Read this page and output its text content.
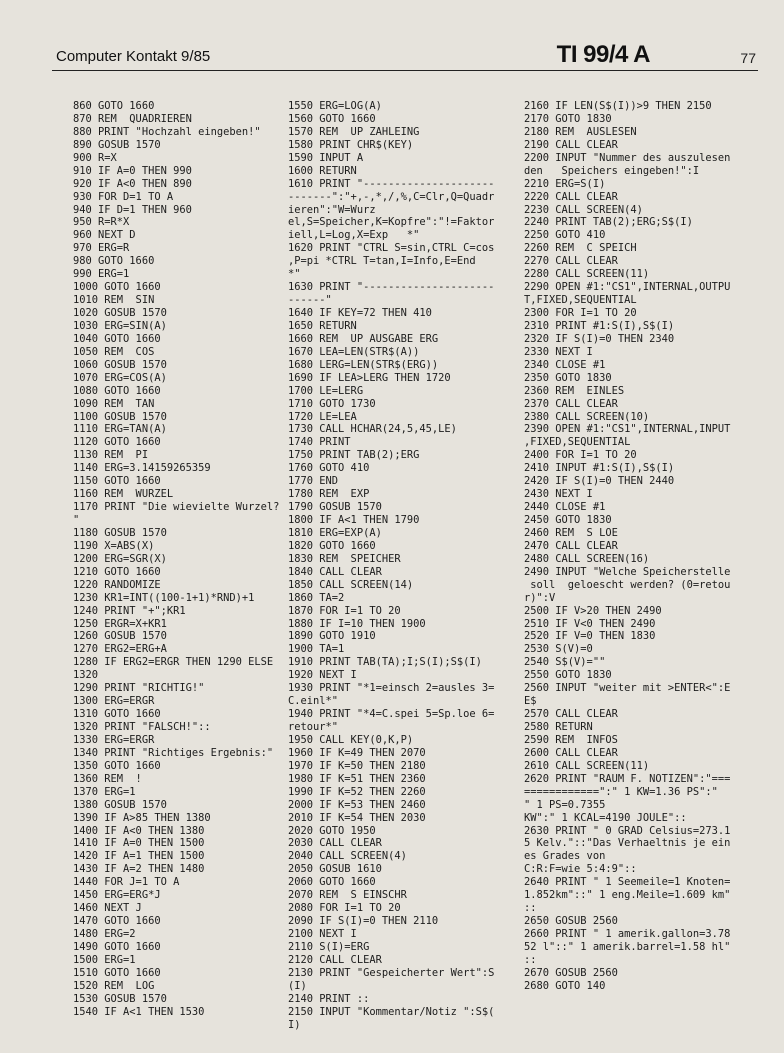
Computer Kontakt 9/85	TI 99/4 A	77
860 GOTO 1660
870 REM  QUADRIEREN
880 PRINT "Hochzahl eingeben!"
890 GOSUB 1570
900 R=X
910 IF A=0 THEN 990
920 IF A<0 THEN 890
930 FOR D=1 TO A
940 IF D=1 THEN 960
950 R=R*X
960 NEXT D
970 ERG=R
980 GOTO 1660
990 ERG=1
1000 GOTO 1660
1010 REM  SIN
1020 GOSUB 1570
1030 ERG=SIN(A)
1040 GOTO 1660
1050 REM  COS
1060 GOSUB 1570
1070 ERG=COS(A)
1080 GOTO 1660
1090 REM  TAN
1100 GOSUB 1570
1110 ERG=TAN(A)
1120 GOTO 1660
1130 REM  PI
1140 ERG=3.14159265359
1150 GOTO 1660
1160 REM  WURZEL
1170 PRINT "Die wievielte Wurzel?
"
1180 GOSUB 1570
1190 X=ABS(X)
1200 ERG=SGR(X)
1210 GOTO 1660
1220 RANDOMIZE
1230 KR1=INT((100-1+1)*RND)+1
1240 PRINT "+";KR1
1250 ERGR=X+KR1
1260 GOSUB 1570
1270 ERG2=ERG+A
1280 IF ERG2=ERGR THEN 1290 ELSE
1320
1290 PRINT "RICHTIG!"
1300 ERG=ERGR
1310 GOTO 1660
1320 PRINT "FALSCH!"::
1330 ERG=ERGR
1340 PRINT "Richtiges Ergebnis:"
1350 GOTO 1660
1360 REM  !
1370 ERG=1
1380 GOSUB 1570
1390 IF A>85 THEN 1380
1400 IF A<0 THEN 1380
1410 IF A=0 THEN 1500
1420 IF A=1 THEN 1500
1430 IF A=2 THEN 1480
1440 FOR J=1 TO A
1450 ERG=ERG*J
1460 NEXT J
1470 GOTO 1660
1480 ERG=2
1490 GOTO 1660
1500 ERG=1
1510 GOTO 1660
1520 REM  LOG
1530 GOSUB 1570
1540 IF A<1 THEN 1530
1550 ERG=LOG(A)
1560 GOTO 1660
1570 REM  UP ZAHLEING
1580 PRINT CHR$(KEY)
1590 INPUT A
1600 RETURN
1610 PRINT "---------------------
-------":"+,-,*,/,%,C=Clr,Q=Quadr
ieren":"W=Wurz
el,S=Speicher,K=Kopfre":"!=Faktor
iell,L=Log,X=Exp   *"
1620 PRINT "CTRL S=sin,CTRL C=cos
,P=pi *CTRL T=tan,I=Info,E=End
*"
1630 PRINT "---------------------
------"
1640 IF KEY=72 THEN 410
1650 RETURN
1660 REM  UP AUSGABE ERG
1670 LEA=LEN(STR$(A))
1680 LERG=LEN(STR$(ERG))
1690 IF LEA>LERG THEN 1720
1700 LE=LERG
1710 GOTO 1730
1720 LE=LEA
1730 CALL HCHAR(24,5,45,LE)
1740 PRINT
1750 PRINT TAB(2);ERG
1760 GOTO 410
1770 END
1780 REM  EXP
1790 GOSUB 1570
1800 IF A<1 THEN 1790
1810 ERG=EXP(A)
1820 GOTO 1660
1830 REM  SPEICHER
1840 CALL CLEAR
1850 CALL SCREEN(14)
1860 TA=2
1870 FOR I=1 TO 20
1880 IF I=10 THEN 1900
1890 GOTO 1910
1900 TA=1
1910 PRINT TAB(TA);I;S(I);S$(I)
1920 NEXT I
1930 PRINT "*1=einsch 2=ausles 3=
C.einl*"
1940 PRINT "*4=C.spei 5=Sp.loe 6=
retour*"
1950 CALL KEY(0,K,P)
1960 IF K=49 THEN 2070
1970 IF K=50 THEN 2180
1980 IF K=51 THEN 2360
1990 IF K=52 THEN 2260
2000 IF K=53 THEN 2460
2010 IF K=54 THEN 2030
2020 GOTO 1950
2030 CALL CLEAR
2040 CALL SCREEN(4)
2050 GOSUB 1610
2060 GOTO 1660
2070 REM  S EINSCHR
2080 FOR I=1 TO 20
2090 IF S(I)=0 THEN 2110
2100 NEXT I
2110 S(I)=ERG
2120 CALL CLEAR
2130 PRINT "Gespeicherter Wert":S
(I)
2140 PRINT ::
2150 INPUT "Kommentar/Notiz ":S$(
I)
2160 IF LEN(S$(I))>9 THEN 2150
2170 GOTO 1830
2180 REM  AUSLESEN
2190 CALL CLEAR
2200 INPUT "Nummer des auszulesen
den   Speichers eingeben!":I
2210 ERG=S(I)
2220 CALL CLEAR
2230 CALL SCREEN(4)
2240 PRINT TAB(2);ERG;S$(I)
2250 GOTO 410
2260 REM  C SPEICH
2270 CALL CLEAR
2280 CALL SCREEN(11)
2290 OPEN #1:"CS1",INTERNAL,OUTPU
T,FIXED,SEQUENTIAL
2300 FOR I=1 TO 20
2310 PRINT #1:S(I),S$(I)
2320 IF S(I)=0 THEN 2340
2330 NEXT I
2340 CLOSE #1
2350 GOTO 1830
2360 REM  EINLES
2370 CALL CLEAR
2380 CALL SCREEN(10)
2390 OPEN #1:"CS1",INTERNAL,INPUT
,FIXED,SEQUENTIAL
2400 FOR I=1 TO 20
2410 INPUT #1:S(I),S$(I)
2420 IF S(I)=0 THEN 2440
2430 NEXT I
2440 CLOSE #1
2450 GOTO 1830
2460 REM  S LOE
2470 CALL CLEAR
2480 CALL SCREEN(16)
2490 INPUT "Welche Speicherstelle
soll  geloescht werden? (0=retou
r)":V
2500 IF V>20 THEN 2490
2510 IF V<0 THEN 2490
2520 IF V=0 THEN 1830
2530 S(V)=0
2540 S$(V)=""
2550 GOTO 1830
2560 INPUT "weiter mit >ENTER<":E
E$
2570 CALL CLEAR
2580 RETURN
2590 REM  INFOS
2600 CALL CLEAR
2610 CALL SCREEN(11)
2620 PRINT "RAUM F. NOTIZEN":"===
============":" 1 KW=1.36 PS":"
" 1 PS=0.7355
KW":" 1 KCAL=4190 JOULE"::
2630 PRINT " 0 GRAD Celsius=273.1
5 Kelv."::"Das Verhaeltnis je ein
es Grades von
C:R:F=wie 5:4:9"::
2640 PRINT " 1 Seemeile=1 Knoten=
1.852km"::" 1 eng.Meile=1.609 km"
::
2650 GOSUB 2560
2660 PRINT " 1 amerik.gallon=3.78
52 l"::" 1 amerik.barrel=1.58 hl"
::
2670 GOSUB 2560
2680 GOTO 140
